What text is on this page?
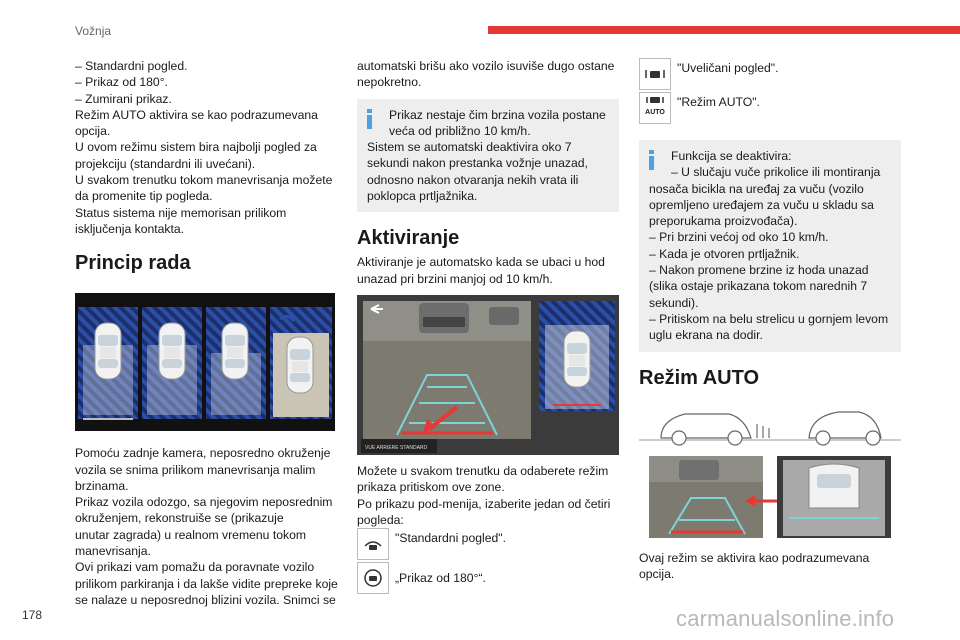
Vožnja
– Standardni pogled.
– Prikaz od 180°.
– Zumirani prikaz.
Režim AUTO aktivira se kao podrazumevana
opcija.
U ovom režimu sistem bira najbolji pogled za
projekciju (standardni ili uvećani).
U svakom trenutku tokom manevrisanja možete
da promenite tip pogleda.
Status sistema nije memorisan prilikom
isključenja kontakta.
Princip rada
Pomoću zadnje kamera, neposredno okruženje
vozila se snima prilikom manevrisanja malim
brzinama.
Prikaz vozila odozgo, sa njegovim neposrednim
okruženjem, rekonstruiše se (prikazuje
unutar zagrada) u realnom vremenu tokom
manevrisanja.
Ovi prikazi vam pomažu da poravnate vozilo
prilikom parkiranja i da lakše vidite prepreke koje
se nalaze u neposrednoj blizini vozila. Snimci se
automatski brišu ako vozilo isuviše dugo ostane
nepokretno.
Prikaz nestaje čim brzina vozila postane
veća od približno 10 km/h.
Sistem se automatski deaktivira oko 7
sekundi nakon prestanka vožnje unazad,
odnosno nakon otvaranja nekih vrata ili
poklopca prtljažnika.
Aktiviranje
Aktiviranje je automatsko kada se ubaci u hod
unazad pri brzini manjoj od 10 km/h.
VUE ARRIERE STANDARD
Možete u svakom trenutku da odaberete režim
prikaza pritiskom ove zone.
Po prikazu pod-menija, izaberite jedan od četiri
pogleda:
"Standardni pogled".
„Prikaz od 180°“.
"Uveličani pogled".
AUTO
"Režim AUTO".
Funkcija se deaktivira:
– U slučaju vuče prikolice ili montiranja
nosača bicikla na uređaj za vuču (vozilo
opremljeno uređajem za vuču u skladu sa
preporukama proizvođača).
– Pri brzini većoj od oko 10 km/h.
– Kada je otvoren prtljažnik.
– Nakon promene brzine iz hoda unazad
(slika ostaje prikazana tokom narednih 7
sekundi).
– Pritiskom na belu strelicu u gornjem levom
uglu ekrana na dodir.
Režim AUTO
Ovaj režim se aktivira kao podrazumevana
opcija.
178	carmanualsonline.info
